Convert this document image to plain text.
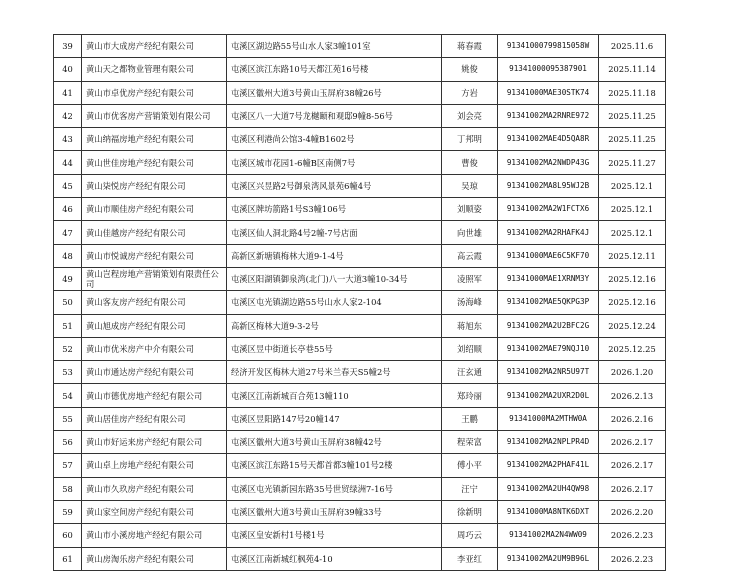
39	黄山市大成房产经纪有限公司	屯溪区湖边路55号山水人家3幢101室	蒋春霞	91341000799815058W	2025.11.6
40	黄山天之都物业管理有限公司	屯溪区滨江东路10号天都江苑16号楼	姚俊	91341000095387901	2025.11.14
41	黄山市卓优房产经纪有限公司	屯溪区徽州大道3号黄山玉屏府38幢26号	方岩	91341000MAE30STK74	2025.11.18
42	黄山市优客房产营销策划有限公司	屯溪区八一大道7号龙樾颐和观邸9幢8-56号	刘会亮	91341002MA2RNRE972	2025.11.25
43	黄山纳福房地产经纪有限公司	屯溪区利港尚公馆3-4幢B1602号	丁邦明	91341002MAE4D5QA8R	2025.11.25
44	黄山世佳房地产经纪有限公司	屯溪区城市花园1-6幢B区南侧7号	曹俊	91341002MA2NWDP43G	2025.11.27
45	黄山柒悦房产经纪有限公司	屯溪区兴昱路2号御泉湾风景苑6幢4号	吴琼	91341002MA8L95WJ2B	2025.12.1
46	黄山市顺佳房产经纪有限公司	屯溪区牌坊箭路1号S3幢106号	刘顺姿	91341002MA2W1FCTX6	2025.12.1
47	黄山佳越房产经纪有限公司	屯溪区仙人洞北路4号2幢-7号店面	向世雄	91341002MA2RHAFK4J	2025.12.1
48	黄山市悦诚房产经纪有限公司	高新区新塘镇梅林大道9-1-4号	高云霞	91341000MAE6C5KF70	2025.12.11
49	黄山岂程房地产营销策划有限责任公司	屯溪区阳湖镇御泉湾(北门)八一大道3幢10-34号	凌照军	91341000MAE1XRNM3Y	2025.12.16
50	黄山客友房产经纪有限公司	屯溪区屯光镇湖边路55号山水人家2-104	汤海峰	91341002MAE5QKPG3P	2025.12.16
51	黄山旭成房产经纪有限公司	高新区梅林大道9-3-2号	蒋旭东	91341002MA2U2BFC2G	2025.12.24
52	黄山市优米房产中介有限公司	屯溪区昱中街道长亭巷55号	刘绍顺	91341002MAE79NQJ10	2025.12.25
53	黄山市通达房产经纪有限公司	经济开发区梅林大道27号米兰春天S5幢2号	汪玄通	91341002MA2NR5U97T	2026.1.20
54	黄山市德优房地产经纪有限公司	屯溪区江南新城百合苑13幢110	郑玲丽	91341002MA2UXR2D0L	2026.2.13
55	黄山居佳房产经纪有限公司	屯溪区昱阳路147号20幢147	王鹏	91341000MA2MTHW0A	2026.2.16
56	黄山市好运来房产经纪有限公司	屯溪区徽州大道3号黄山玉屏府38幢42号	程荣富	91341002MA2NPLPR4D	2026.2.17
57	黄山卓上房地产经纪有限公司	屯溪区滨江东路15号天都首都3幢101号2楼	傅小平	91341002MA2PHAF41L	2026.2.17
58	黄山市久玖房产经纪有限公司	屯溪区屯光镇新园东路35号世贸绿洲7-16号	汪宁	91341002MA2UH4QW98	2026.2.17
59	黄山家空间房产经纪有限公司	屯溪区徽州大道3号黄山玉屏府39幢33号	徐新明	91341000MA8NTK6DXT	2026.2.20
60	黄山市小溪房地产经纪有限公司	屯溪区皇安新村1号楼1号	周巧云	91341002MA2N4WW09	2026.2.23
61	黄山房淘乐房产经纪有限公司	屯溪区江南新城红枫苑4-10	李亚红	91341002MA2UM9B96L	2026.2.23
